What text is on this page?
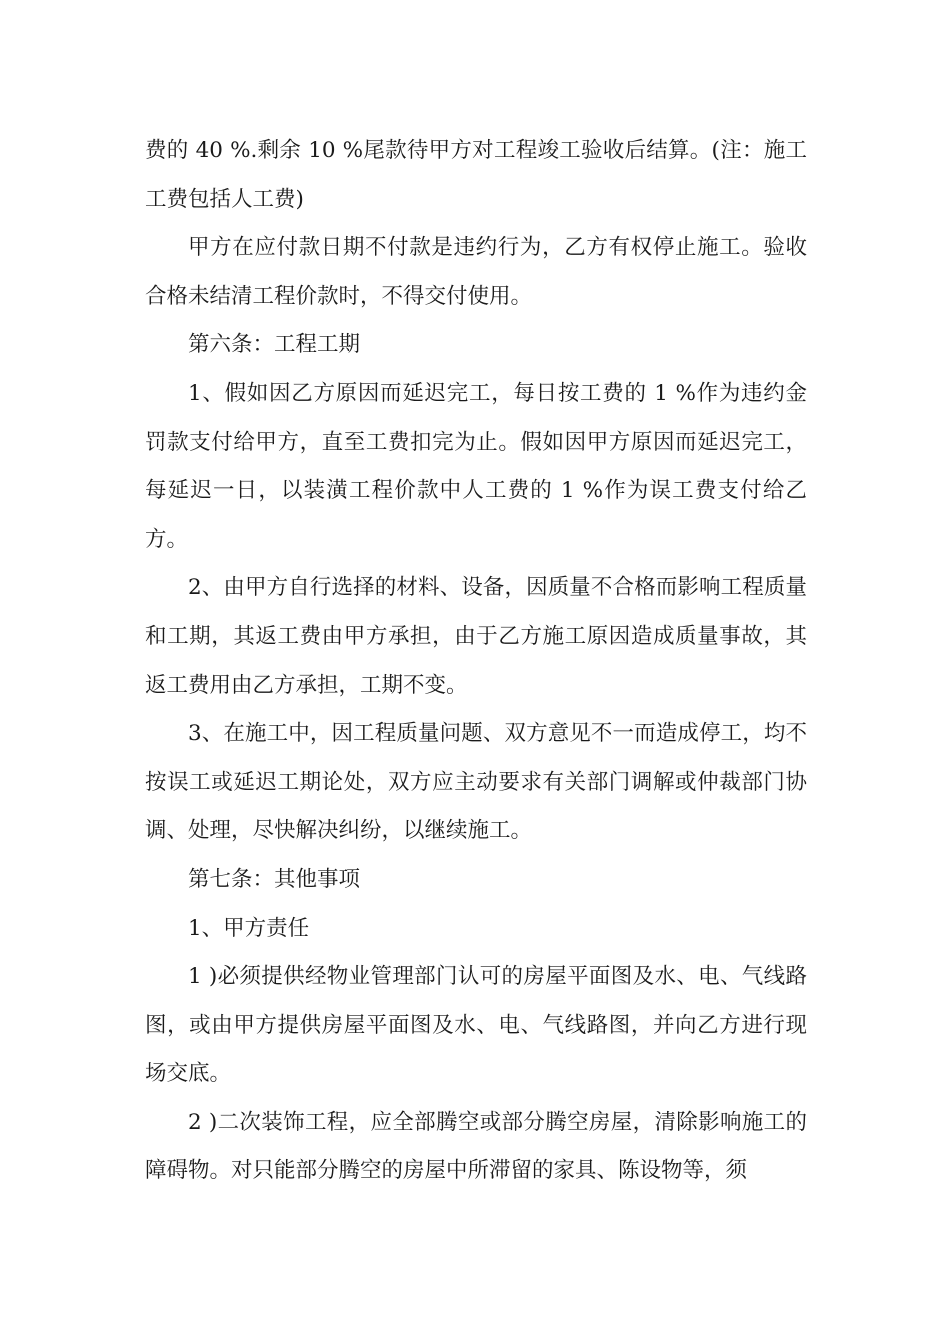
费的 40 %.剩余 10 %尾款待甲方对工程竣工验收后结算。(注：施工工费包括人工费)

甲方在应付款日期不付款是违约行为，乙方有权停止施工。验收合格未结清工程价款时，不得交付使用。

第六条：工程工期

1、假如因乙方原因而延迟完工，每日按工费的 1 %作为违约金罚款支付给甲方，直至工费扣完为止。假如因甲方原因而延迟完工，每延迟一日，以装潢工程价款中人工费的 1 %作为误工费支付给乙方。

2、由甲方自行选择的材料、设备，因质量不合格而影响工程质量和工期，其返工费由甲方承担，由于乙方施工原因造成质量事故，其返工费用由乙方承担，工期不变。

3、在施工中，因工程质量问题、双方意见不一而造成停工，均不按误工或延迟工期论处，双方应主动要求有关部门调解或仲裁部门协调、处理，尽快解决纠纷，以继续施工。

第七条：其他事项

1、甲方责任

1 )必须提供经物业管理部门认可的房屋平面图及水、电、气线路图，或由甲方提供房屋平面图及水、电、气线路图，并向乙方进行现场交底。

2 )二次装饰工程，应全部腾空或部分腾空房屋，清除影响施工的障碍物。对只能部分腾空的房屋中所滞留的家具、陈设物等，须
